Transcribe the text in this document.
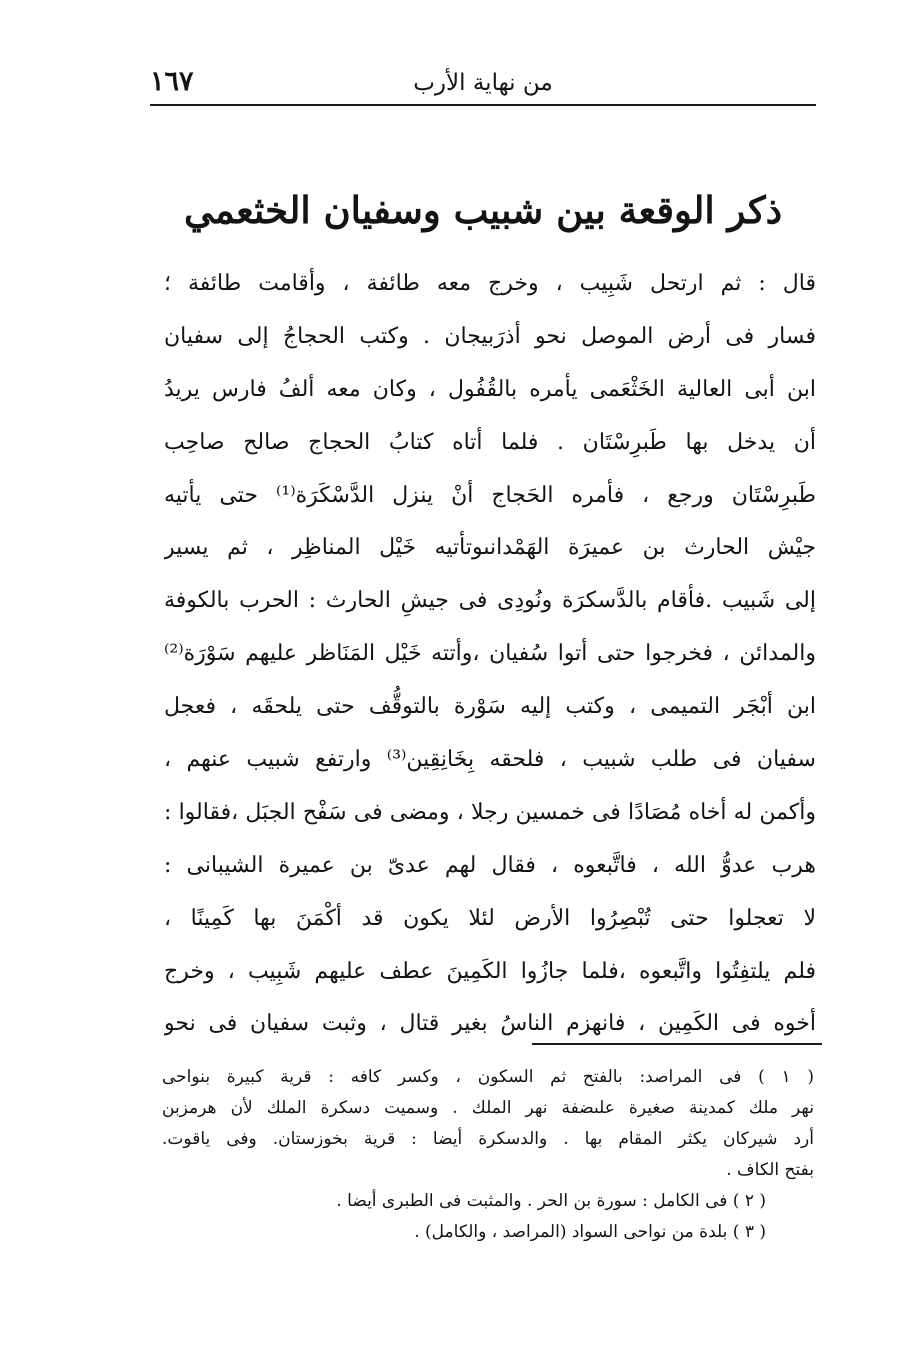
١٦٧	من نهاية الأرب
ذكر الوقعة بين شبيب وسفيان الخثعمي
قال : ثم ارتحل شَبِيب ، وخرج معه طائفة ، وأقامت طائفة ؛
فسار فى أرض الموصل نحو أذرَبيجان . وكتب الحجاجُ إلى سفيان
ابن أبى العالية الخَثْعَمى يأمره بالقُفُول ، وكان معه ألفُ فارس يريدُ
أن يدخل بها طَبرِسْتَان . فلما أتاه كتابُ الحجاج صالح صاحِب
طَبرِسْتَان ورجع ، فأمره الحَجاج أنْ ينزل الدَّسْكَرَة⁽¹⁾ حتى يأتيه
جيْش الحارث بن عميرَة الهَمْدانىوتأتيه خَيْل المناظِر ، ثم يسير
إلى شَبيب .فأقام بالدَّسكرَة ونُودِى فى جيشِ الحارث : الحرب بالكوفة
والمدائن ، فخرجوا حتى أتوا سُفيان ،وأتته خَيْل المَنَاظر عليهم سَوْرَة⁽²⁾
ابن أبْجَر التميمى ، وكتب إليه سَوْرة بالتوقُّف حتى يلحقَه ، فعجل
سفيان فى طلب شبيب ، فلحقه بِخَانِقِين⁽³⁾ وارتفع شبيب عنهم ،
وأكمن له أخاه مُصَادًا فى خمسين رجلا ، ومضى فى سَفْح الجبَل ،فقالوا :
هرب عدوُّ الله ، فاتَّبعوه ، فقال لهم عدىّ بن عميرة الشيبانى :
لا تعجلوا حتى تُبْصِرُوا الأرض لئلا يكون قد أكْمَنَ بها كَمِينًا ،
فلم يلتفِتُوا واتَّبعوه ،فلما جازُوا الكَمِينَ عطف عليهم شَبِيب ، وخرج
أخوه فى الكَمِين ، فانهزم الناسُ بغير قتال ، وثبت سفيان فى نحو
( ١ ) فى المراصد: بالفتح ثم السكون ، وكسر كافه : قرية كبيرة بنواحى
نهر ملك كمدينة صغيرة علىضفة نهر الملك . وسميت دسكرة الملك لأن هرمزبن
أرد شيركان يكثر المقام بها . والدسكرة أيضا : قرية بخوزستان. وفى ياقوت.
بفتح الكاف .
( ٢ ) فى الكامل : سورة بن الحر . والمثبت فى الطبرى أيضا .
( ٣ ) بلدة من نواحى السواد (المراصد ، والكامل) .
